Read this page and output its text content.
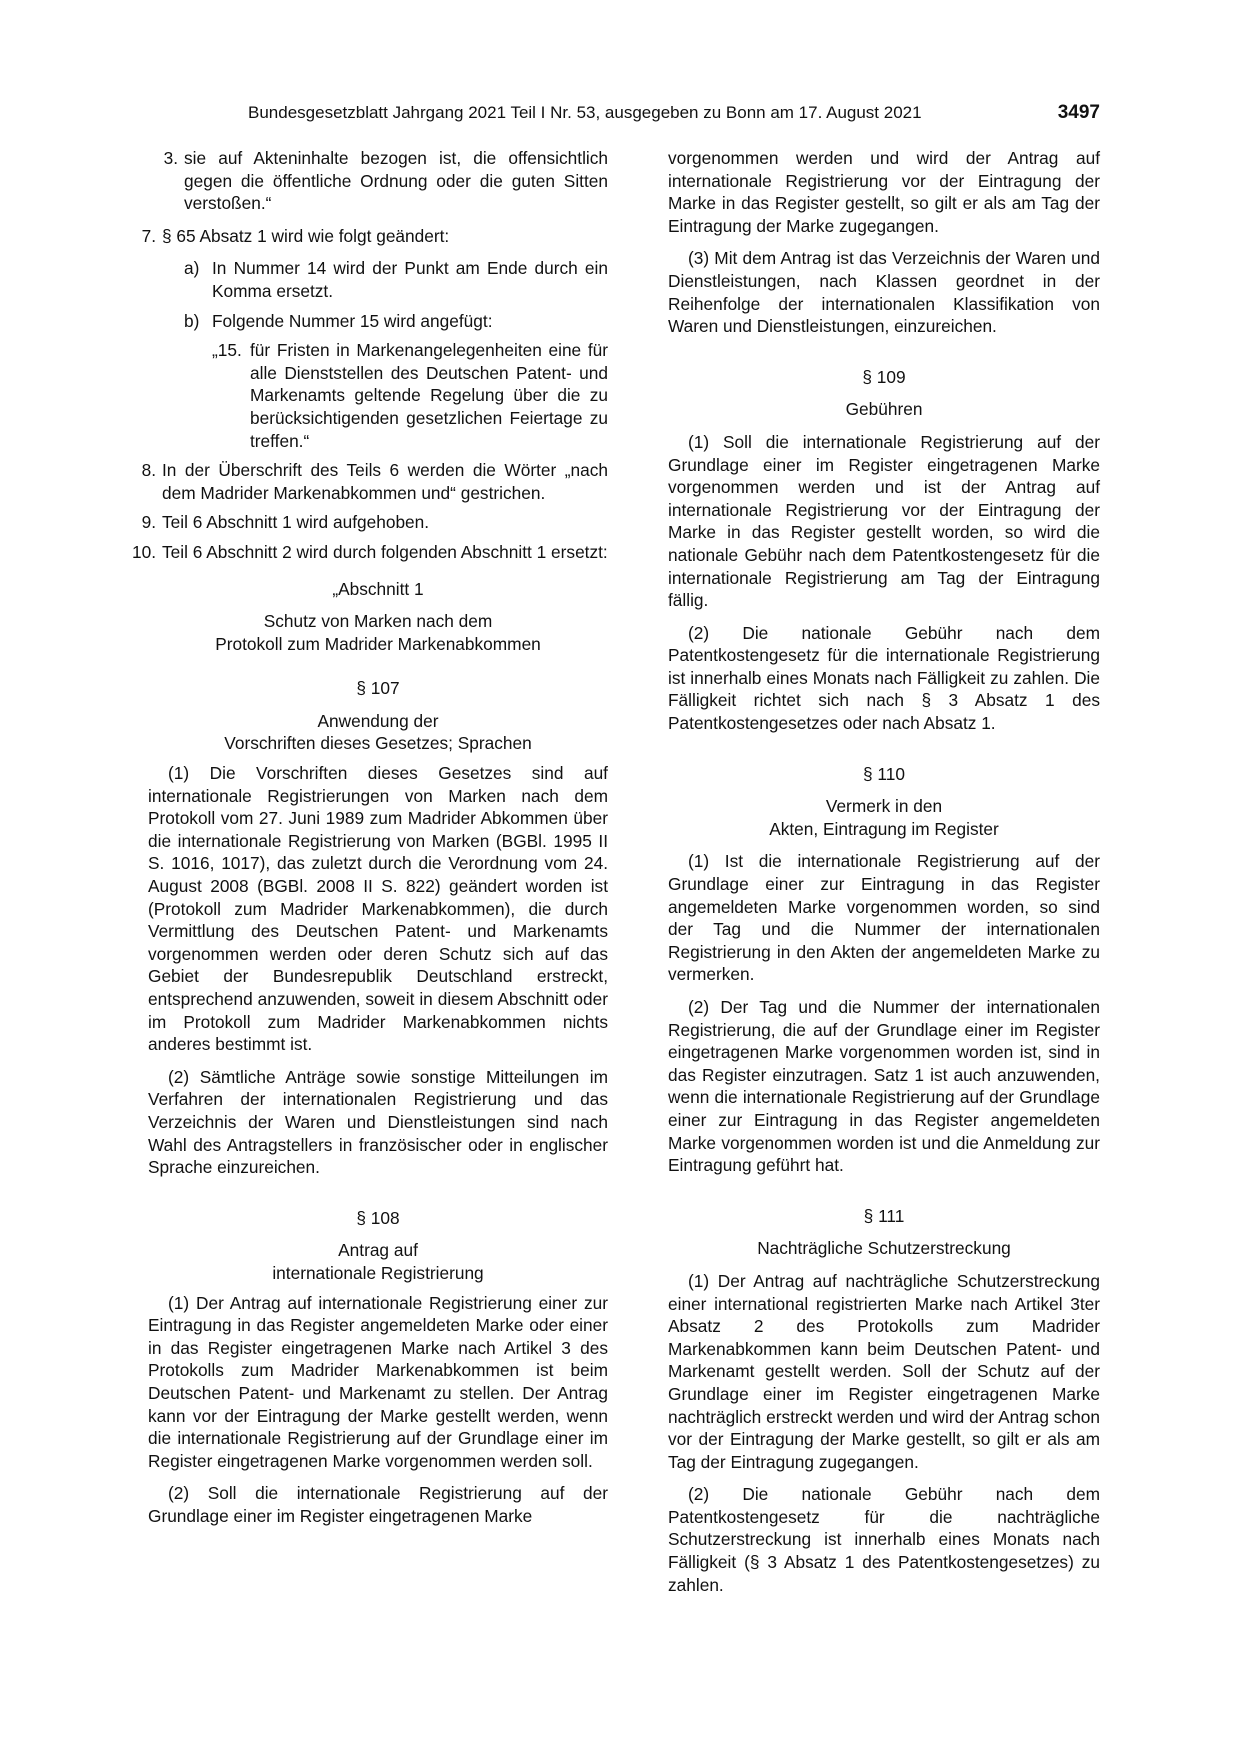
Bundesgesetzblatt Jahrgang 2021 Teil I Nr. 53, ausgegeben zu Bonn am 17. August 2021	3497
3. sie auf Akteninhalte bezogen ist, die offensichtlich gegen die öffentliche Ordnung oder die guten Sitten verstoßen.“
7. § 65 Absatz 1 wird wie folgt geändert:
a) In Nummer 14 wird der Punkt am Ende durch ein Komma ersetzt.
b) Folgende Nummer 15 wird angefügt:
„15. für Fristen in Markenangelegenheiten eine für alle Dienststellen des Deutschen Patent- und Markenamts geltende Regelung über die zu berücksichtigenden gesetzlichen Feiertage zu treffen.“
8. In der Überschrift des Teils 6 werden die Wörter „nach dem Madrider Markenabkommen und“ gestrichen.
9. Teil 6 Abschnitt 1 wird aufgehoben.
10. Teil 6 Abschnitt 2 wird durch folgenden Abschnitt 1 ersetzt:

„Abschnitt 1

Schutz von Marken nach dem

Protokoll zum Madrider Markenabkommen

§ 107

Anwendung der

Vorschriften dieses Gesetzes; Sprachen

(1) Die Vorschriften dieses Gesetzes sind auf internationale Registrierungen von Marken nach dem Protokoll vom 27. Juni 1989 zum Madrider Abkommen über die internationale Registrierung von Marken (BGBl. 1995 II S. 1016, 1017), das zuletzt durch die Verordnung vom 24. August 2008 (BGBl. 2008 II S. 822) geändert worden ist (Protokoll zum Madrider Markenabkommen), die durch Vermittlung des Deutschen Patent- und Markenamts vorgenommen werden oder deren Schutz sich auf das Gebiet der Bundesrepublik Deutschland erstreckt, entsprechend anzuwenden, soweit in diesem Abschnitt oder im Protokoll zum Madrider Markenabkommen nichts anderes bestimmt ist.

(2) Sämtliche Anträge sowie sonstige Mitteilungen im Verfahren der internationalen Registrierung und das Verzeichnis der Waren und Dienstleistungen sind nach Wahl des Antragstellers in französischer oder in englischer Sprache einzureichen.

§ 108

Antrag auf

internationale Registrierung

(1) Der Antrag auf internationale Registrierung einer zur Eintragung in das Register angemeldeten Marke oder einer in das Register eingetragenen Marke nach Artikel 3 des Protokolls zum Madrider Markenabkommen ist beim Deutschen Patent- und Markenamt zu stellen. Der Antrag kann vor der Eintragung der Marke gestellt werden, wenn die internationale Registrierung auf der Grundlage einer im Register eingetragenen Marke vorgenommen werden soll.

(2) Soll die internationale Registrierung auf der Grundlage einer im Register eingetragenen Marke

vorgenommen werden und wird der Antrag auf internationale Registrierung vor der Eintragung der Marke in das Register gestellt, so gilt er als am Tag der Eintragung der Marke zugegangen.

(3) Mit dem Antrag ist das Verzeichnis der Waren und Dienstleistungen, nach Klassen geordnet in der Reihenfolge der internationalen Klassifikation von Waren und Dienstleistungen, einzureichen.

§ 109

Gebühren

(1) Soll die internationale Registrierung auf der Grundlage einer im Register eingetragenen Marke vorgenommen werden und ist der Antrag auf internationale Registrierung vor der Eintragung der Marke in das Register gestellt worden, so wird die nationale Gebühr nach dem Patentkostengesetz für die internationale Registrierung am Tag der Eintragung fällig.

(2) Die nationale Gebühr nach dem Patentkostengesetz für die internationale Registrierung ist innerhalb eines Monats nach Fälligkeit zu zahlen. Die Fälligkeit richtet sich nach § 3 Absatz 1 des Patentkostengesetzes oder nach Absatz 1.

§ 110

Vermerk in den

Akten, Eintragung im Register

(1) Ist die internationale Registrierung auf der Grundlage einer zur Eintragung in das Register angemeldeten Marke vorgenommen worden, so sind der Tag und die Nummer der internationalen Registrierung in den Akten der angemeldeten Marke zu vermerken.

(2) Der Tag und die Nummer der internationalen Registrierung, die auf der Grundlage einer im Register eingetragenen Marke vorgenommen worden ist, sind in das Register einzutragen. Satz 1 ist auch anzuwenden, wenn die internationale Registrierung auf der Grundlage einer zur Eintragung in das Register angemeldeten Marke vorgenommen worden ist und die Anmeldung zur Eintragung geführt hat.

§ 111

Nachträgliche Schutzerstreckung

(1) Der Antrag auf nachträgliche Schutzerstreckung einer international registrierten Marke nach Artikel 3ter Absatz 2 des Protokolls zum Madrider Markenabkommen kann beim Deutschen Patent- und Markenamt gestellt werden. Soll der Schutz auf der Grundlage einer im Register eingetragenen Marke nachträglich erstreckt werden und wird der Antrag schon vor der Eintragung der Marke gestellt, so gilt er als am Tag der Eintragung zugegangen.

(2) Die nationale Gebühr nach dem Patentkostengesetz für die nachträgliche Schutzerstreckung ist innerhalb eines Monats nach Fälligkeit (§ 3 Absatz 1 des Patentkostengesetzes) zu zahlen.
